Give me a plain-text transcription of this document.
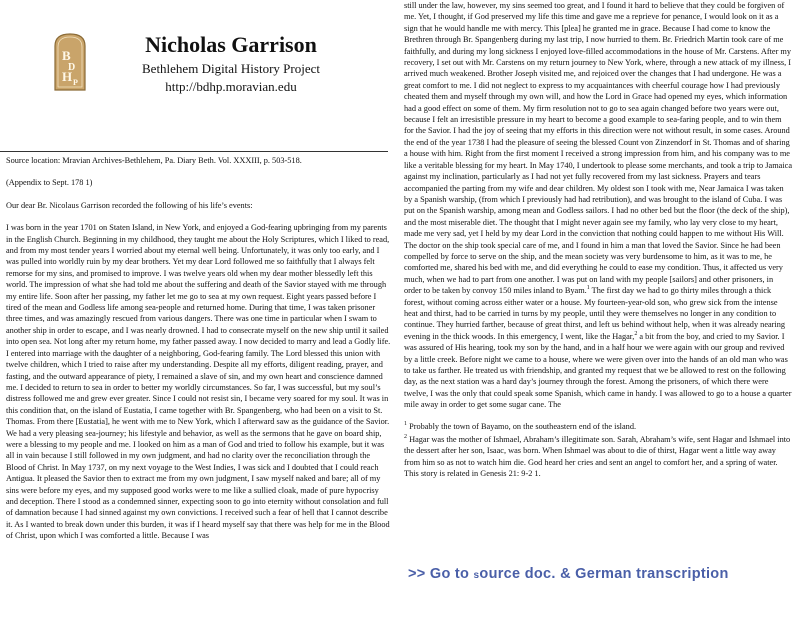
B
D
H P
Nicholas Garrison
Bethlehem Digital History Project
http://bdhp.moravian.edu

Source location: Mravian Archives-Bethlehem, Pa. Diary Beth. Vol. XXXIII, p. 503-518.

(Appendix to Sept. 178 1)

Our dear Br. Nicolaus Garrison recorded the following of his life’s events:

I was born in the year 1701 on Staten Island, in New York, and enjoyed a God-fearing upbringing from my parents in the English Church. Beginning in my childhood, they taught me about the Holy Scriptures, which I liked to read, and from my most tender years I worried about my eternal well being. Unfortunately, it was only too early, and I was pulled into worldly ruin by my dear brothers. Yet my dear Lord followed me so faithfully that I always felt remorse for my sins, and promised to improve. I was twelve years old when my dear mother blessedly left this world. The impression of what she had told me about the suffering and death of the Savior stayed with me through my entire life. Soon after her passing, my father let me go to sea at my own request. Eight years passed before I tired of the mean and Godless life among sea-people and returned home. During that time, I was taken prisoner three times, and was amazingly rescued from various dangers. There was one time in particular when I swam to another ship in order to escape, and I was nearly drowned. I had to consecrate myself on the new ship until it sailed into open sea. Not long after my return home, my father passed away. I now decided to marry and lead a Godly life. I entered into marriage with the daughter of a neighboring, God-fearing family. The Lord blessed this union with twelve children, which I tried to raise after my understanding. Despite all my efforts, diligent reading, prayer, and fasting, and the outward appearance of piety, I remained a slave of sin, and my own heart and conscience damned me. I decided to return to sea in order to better my worldly circumstances. So far, I was successful, but my soul’s distress followed me and grew ever greater. Since I could not resist sin, I became very soared for my soul. It was in this condition that, on the island of Eustatia, I came together with Br. Spangenberg, who had been on a visit to St. Thomas. From there [Eustatia], he went with me to New York, which I afterward saw as the guidance of the Savior. We had a very pleasing sea-journey; his lifestyle and behavior, as well as the sermons that he gave on board ship, were a blessing to my people and me. I looked on him as a man of God and tried to follow his example, but it was all in vain because I still followed in my own judgment, and had no clarity over the reconciliation through the Blood of Christ. In May 1737, on my next voyage to the West Indies, I was sick and I doubted that I could reach Antigua. It pleased the Savior then to extract me from my own judgment, I saw myself naked and bare; all of my sins were before my eyes, and my supposed good works were to me like a sullied cloak, made of pure hypocrisy and deception. There I stood as a condemned sinner, expecting soon to go into eternity without consolation and full of damnation because I had sinned against my own convictions. I received such a fear of hell that I cannot describe it. As I wanted to break down under this burden, it was if I heard myself say that there was help for me in the Blood of Christ, upon which I was comforted a little. Because I was

still under the law, however, my sins seemed too great, and I found it hard to believe that they could be forgiven of me. Yet, I thought, if God preserved my life this time and gave me a reprieve for penance, I would look on it as a sign that he would handle me with mercy. This [plea] he granted me in grace. Because I had come to know the Brethren through Br. Spangenberg during my last trip, I now hurried to them. Br. Friedrich Martin took care of me faithfully, and during my long sickness I enjoyed love-filled accommodations in the house of Mr. Carstens. After my recovery, I set out with Mr. Carstens on my return journey to New York, where, through a new attack of my illness, I arrived much weakened. Brother Joseph visited me, and rejoiced over the changes that I had undergone. He was a great comfort to me. I did not neglect to express to my acquaintances with cheerful courage how I had previously cheated them and myself through my own will, and how the Lord in Grace had opened my eyes, which information had a good effect on some of them. My firm resolution not to go to sea again changed before two years were out, because I felt an irresistible pressure in my heart to become a good example to sea-faring people, and to win them for the Savior. I had the joy of seeing that my efforts in this direction were not without result, in some cases. Around the end of the year 1738 I had the pleasure of seeing the blessed Count von Zinzendorf in St. Thomas and of sharing a house with him. Right from the first moment I received a strong impression from him, and his company was to me like a veritable blessing for my heart. In May 1740, I undertook to please some merchants, and took a trip to Jamaica against my inclination, particularly as I had not yet fully recovered from my last sickness. Prayers and tears accompanied the parting from my wife and dear children. My oldest son I took with me, Near Jamaica I was taken by a Spanish warship, (from which I previously had had retribution), and was brought to the island of Cuba. I was put on the Spanish warship, among mean and Godless sailors. I had no other bed but the floor (the deck of the ship), and the most miserable diet. The thought that I might never again see my family, who lay very close to my heart, made me very sad, yet I held by my dear Lord in the conviction that nothing could happen to me without His Will. The doctor on the ship took special care of me, and I found in him a man that loved the Savior. Since he had been compelled by force to serve on the ship, and the mean society was very burdensome to him, as it was to me, he comforted me, shared his bed with me, and did everything he could to ease my condition. Thus, it affected us very much, when we had to part from one another. I was put on land with my people [sailors] and other prisoners, in order to be taken by convoy 150 miles inland to Byam.$^1$ The first day we had to go thirty miles through a thick forest, without coming across either water or a house. My fourteen-year-old son, who grew sick from the intense heat and thirst, had to be carried in turns by my people, until they were themselves no longer in any condition to continue. They hurried farther, because of great thirst, and left us behind without help, when it was already nearing evening in the thick woods. In this emergency, I went, like the Hagar,$^2$ a bit from the boy, and cried to my Savior. I was assured of His hearing, took my son by the hand, and in a half hour we were again with our group and revived by a little creek. Before night we came to a house, where we were given over into the hands of an old man who was to take us farther. He treated us with friendship, and granted my request that we be allowed to rest on the following day, as the next station was a hard day’s journey through the forest. Among the prisoners, of which there were twelve, I was the only that could speak some Spanish, which came in handy. I was allowed to go to a house a quarter mile away in order to get some sugar cane. The

$^1$ Probably the town of Bayamo, on the southeastern end of the island.

$^2$ Hagar was the mother of Ishmael, Abraham’s illegitimate son. Sarah, Abraham’s wife, sent Hagar and Ishmael into the dessert after her son, Isaac, was born. When Ishmael was about to die of thirst, Hagar went a little way away from him so as not to watch him die. God heard her cries and sent an angel to comfort her, and a spring of water. This story is related in Genesis 21: 9-2 1.

>> Go to source doc. & German transcription
